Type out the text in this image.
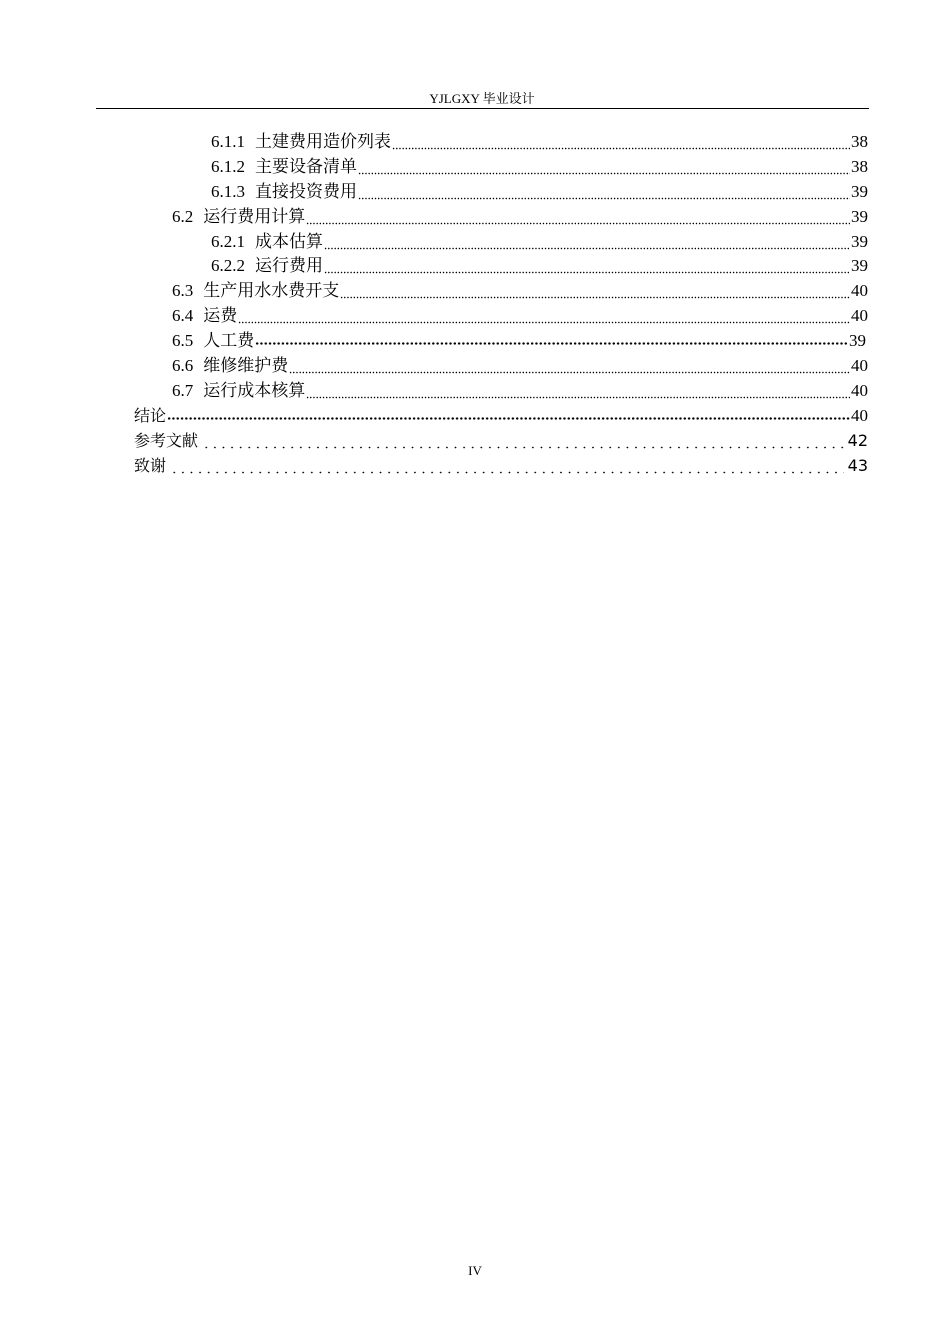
YJLGXY 毕业设计
6.1.1 土建费用造价列表	38
6.1.2 主要设备清单	38
6.1.3 直接投资费用	39
6.2 运行费用计算	39
6.2.1 成本估算	39
6.2.2 运行费用	39
6.3 生产用水水费开支	40
6.4 运费	40
6.5 人工费	39
6.6 维修维护费	40
6.7 运行成本核算	40
结论	40
参考文献	42
致谢	43
IV
